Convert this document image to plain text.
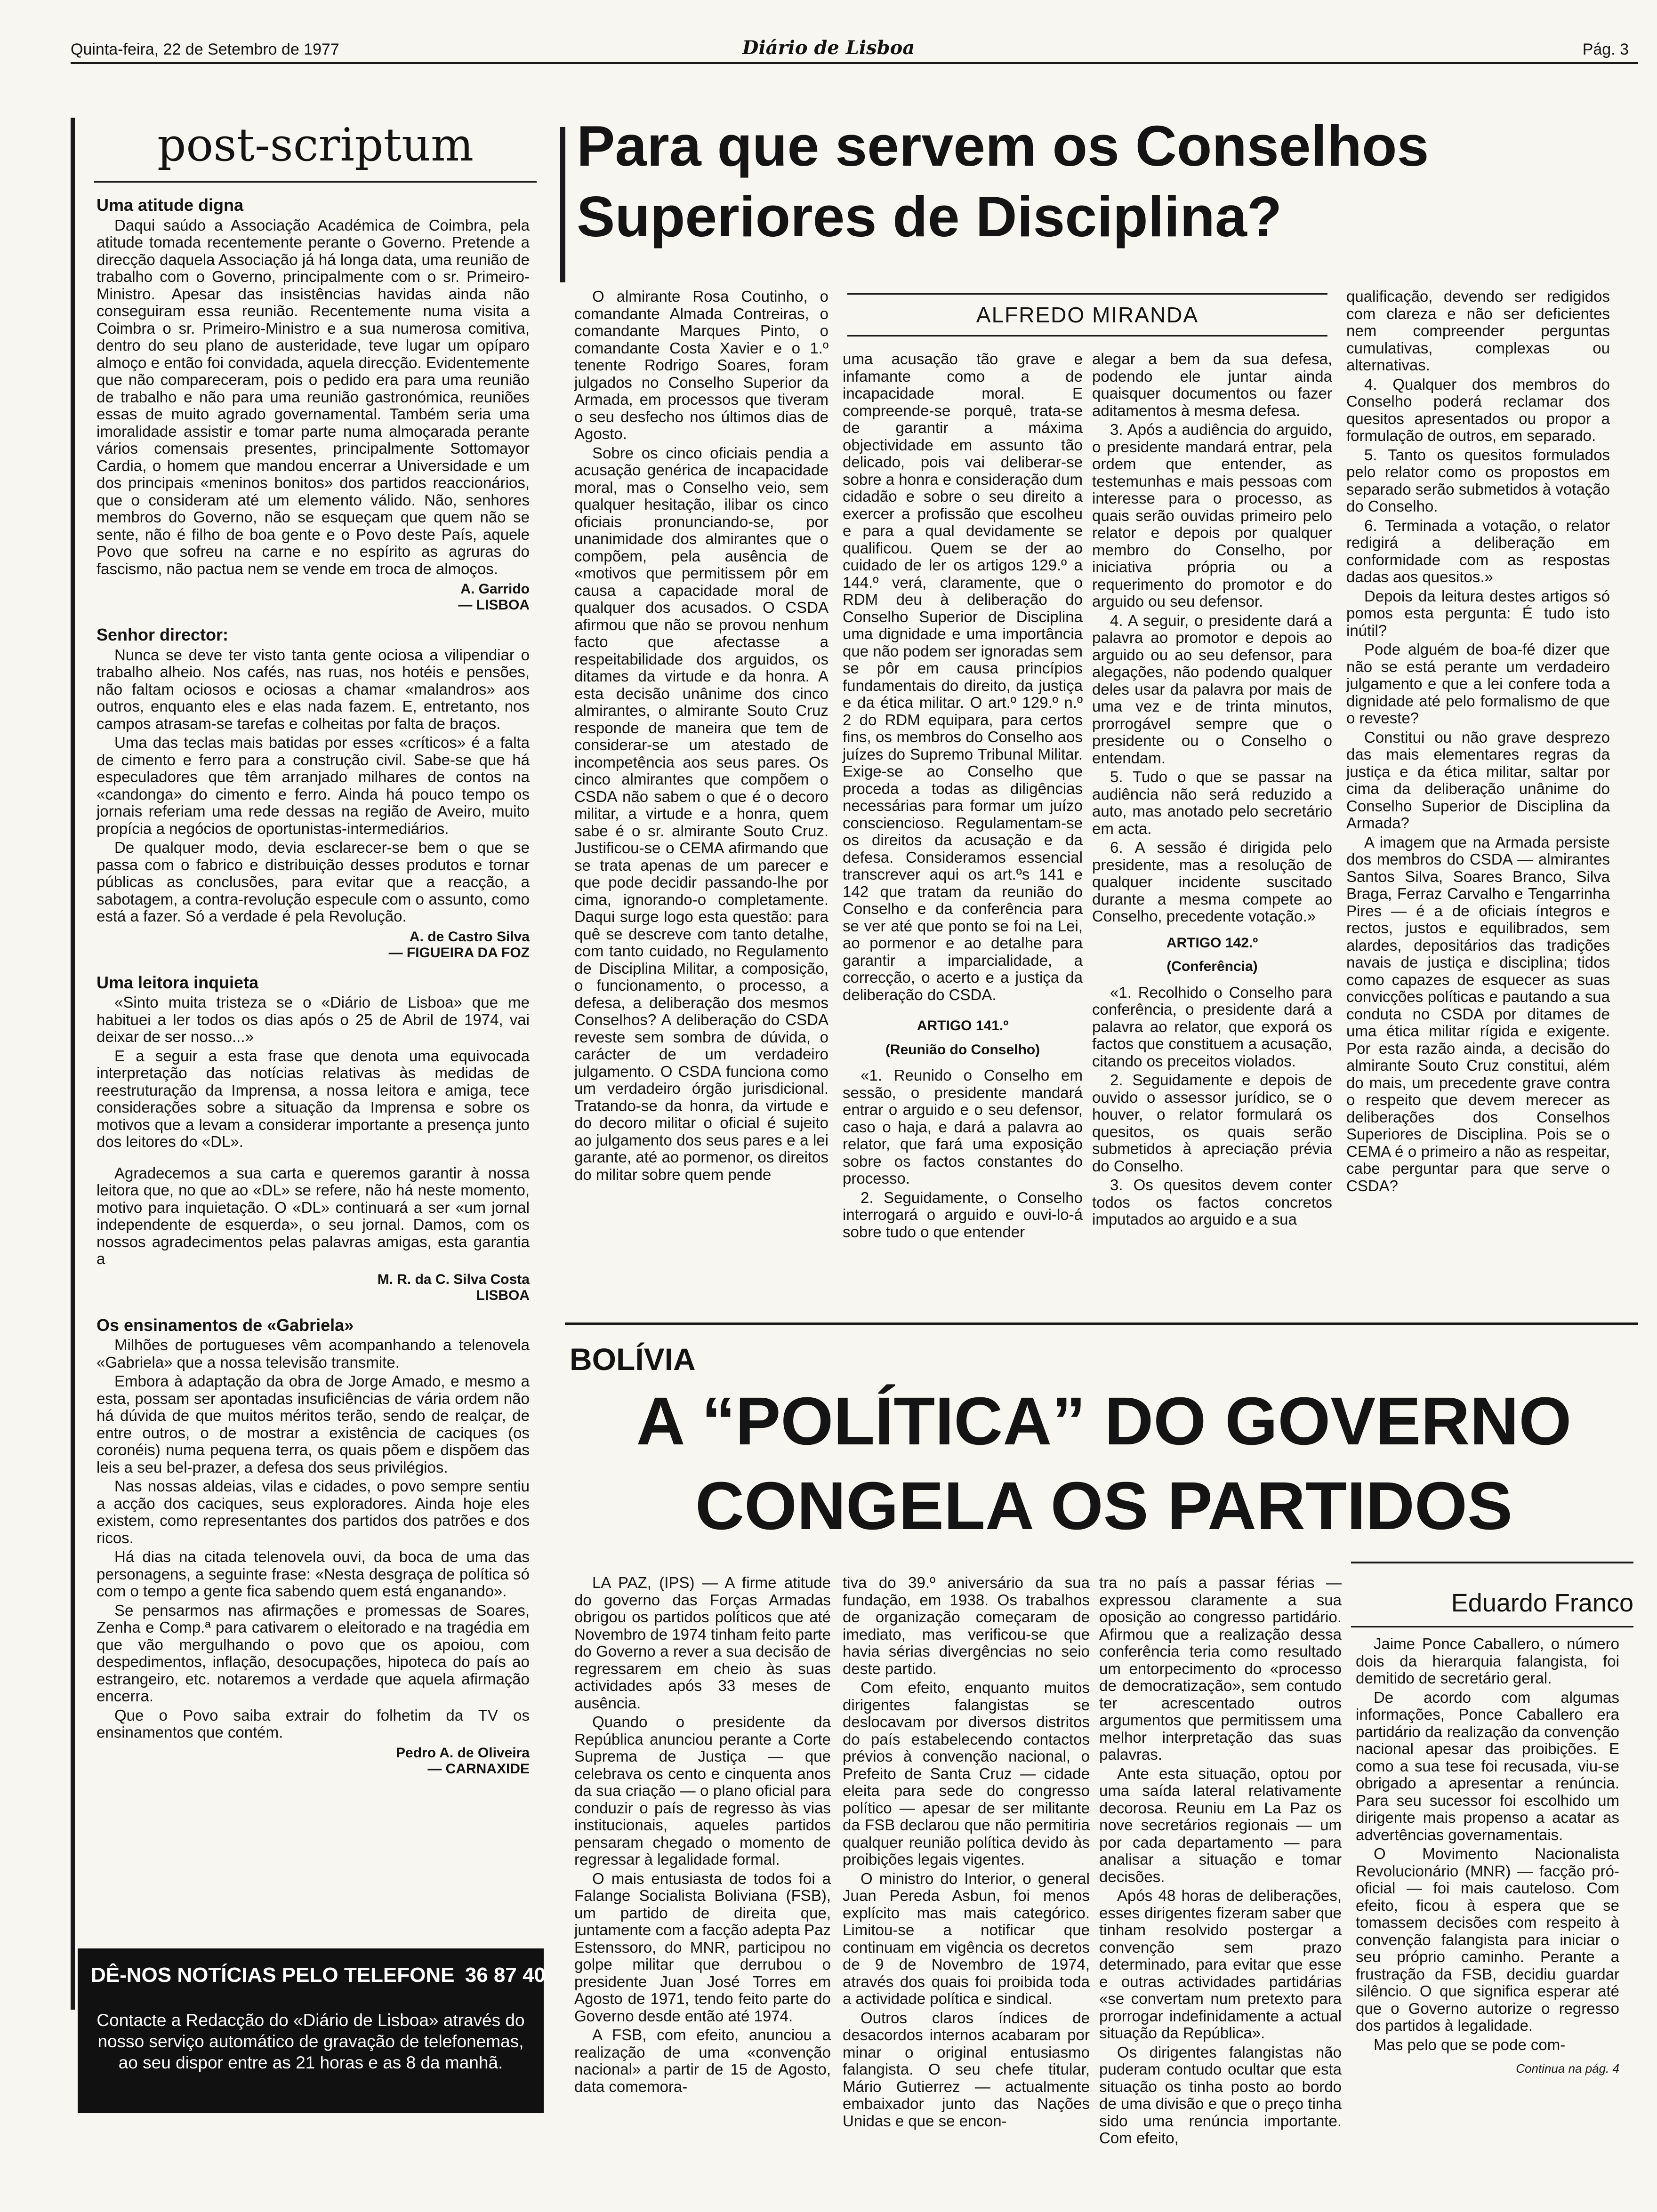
Quinta-feira, 22 de Setembro de 1977	Diário de Lisboa	Pág. 3
post-scriptum
Uma atitude digna

Daqui saúdo a Associação Académica de Coimbra, pela atitude tomada recentemente perante o Governo. Pretende a direcção daquela Associação já há longa data, uma reunião de trabalho com o Governo, principalmente com o sr. Primeiro-Ministro. Apesar das insistências havidas ainda não conseguiram essa reunião. Recentemente numa visita a Coimbra o sr. Primeiro-Ministro e a sua numerosa comitiva, dentro do seu plano de austeridade, teve lugar um opíparo almoço e então foi convidada, aquela direcção. Evidentemente que não compareceram, pois o pedido era para uma reunião de trabalho e não para uma reunião gastronómica, reuniões essas de muito agrado governamental. Também seria uma imoralidade assistir e tomar parte numa almoçarada perante vários comensais presentes, principalmente Sottomayor Cardia, o homem que mandou encerrar a Universidade e um dos principais «meninos bonitos» dos partidos reaccionários, que o consideram até um elemento válido. Não, senhores membros do Governo, não se esqueçam que quem não se sente, não é filho de boa gente e o Povo deste País, aquele Povo que sofreu na carne e no espírito as agruras do fascismo, não pactua nem se vende em troca de almoços.

A. Garrido
— LISBOA
Senhor director:

Nunca se deve ter visto tanta gente ociosa a vilipendiar o trabalho alheio. Nos cafés, nas ruas, nos hotéis e pensões, não faltam ociosos e ociosas a chamar «malandros» aos outros, enquanto eles e elas nada fazem. E, entretanto, nos campos atrasam-se tarefas e colheitas por falta de braços.

Uma das teclas mais batidas por esses «críticos» é a falta de cimento e ferro para a construção civil. Sabe-se que há especuladores que têm arranjado milhares de contos na «candonga» do cimento e ferro. Ainda há pouco tempo os jornais referiam uma rede dessas na região de Aveiro, muito propícia a negócios de oportunistas-intermediários.

De qualquer modo, devia esclarecer-se bem o que se passa com o fabrico e distribuição desses produtos e tornar públicas as conclusões, para evitar que a reacção, a sabotagem, a contra-revolução especule com o assunto, como está a fazer. Só a verdade é pela Revolução.

A. de Castro Silva
— FIGUEIRA DA FOZ
Uma leitora inquieta

«Sinto muita tristeza se o «Diário de Lisboa» que me habituei a ler todos os dias após o 25 de Abril de 1974, vai deixar de ser nosso...»

E a seguir a esta frase que denota uma equivocada interpretação das notícias relativas às medidas de reestruturação da Imprensa, a nossa leitora e amiga, tece considerações sobre a situação da Imprensa e sobre os motivos que a levam a considerar importante a presença junto dos leitores do «DL».

Agradecemos a sua carta e queremos garantir à nossa leitora que, no que ao «DL» se refere, não há neste momento, motivo para inquietação. O «DL» continuará a ser «um jornal independente de esquerda», o seu jornal. Damos, com os nossos agradecimentos pelas palavras amigas, esta garantia a

M. R. da C. Silva Costa
LISBOA
Os ensinamentos de «Gabriela»

Milhões de portugueses vêm acompanhando a telenovela «Gabriela» que a nossa televisão transmite.

Embora à adaptação da obra de Jorge Amado, e mesmo a esta, possam ser apontadas insuficiências de vária ordem não há dúvida de que muitos méritos terão, sendo de realçar, de entre outros, o de mostrar a existência de caciques (os coronéis) numa pequena terra, os quais põem e dispõem das leis a seu bel-prazer, a defesa dos seus privilégios.

Nas nossas aldeias, vilas e cidades, o povo sempre sentiu a acção dos caciques, seus exploradores. Ainda hoje eles existem, como representantes dos partidos dos patrões e dos ricos.

Há dias na citada telenovela ouvi, da boca de uma das personagens, a seguinte frase: «Nesta desgraça de política só com o tempo a gente fica sabendo quem está enganando».

Se pensarmos nas afirmações e promessas de Soares, Zenha e Comp.ª para cativarem o eleitorado e na tragédia em que vão mergulhando o povo que os apoiou, com despedimentos, inflação, desocupações, hipoteca do país ao estrangeiro, etc. notaremos a verdade que aquela afirmação encerra.

Que o Povo saiba extrair do folhetim da TV os ensinamentos que contém.

Pedro A. de Oliveira
— CARNAXIDE
DÊ-NOS NOTÍCIAS PELO TELEFONE 36 87 40
Contacte a Redacção do «Diário de Lisboa» através do nosso serviço automático de gravação de telefonemas, ao seu dispor entre as 21 horas e as 8 da manhã.
Para que servem os Conselhos
Superiores de Disciplina?
ALFREDO MIRANDA

O almirante Rosa Coutinho, o comandante Almada Contreiras, o comandante Marques Pinto, o comandante Costa Xavier e o 1.º tenente Rodrigo Soares, foram julgados no Conselho Superior da Armada, em processos que tiveram o seu desfecho nos últimos dias de Agosto.

Sobre os cinco oficiais pendia a acusação genérica de incapacidade moral, mas o Conselho veio, sem qualquer hesitação, ilibar os cinco oficiais pronunciando-se, por unanimidade dos almirantes que o compõem, pela ausência de «motivos que permitissem pôr em causa a capacidade moral de qualquer dos acusados. O CSDA afirmou que não se provou nenhum facto que afectasse a respeitabilidade dos arguidos, os ditames da virtude e da honra. A esta decisão unânime dos cinco almirantes, o almirante Souto Cruz responde de maneira que tem de considerar-se um atestado de incompetência aos seus pares. Os cinco almirantes que compõem o CSDA não sabem o que é o decoro militar, a virtude e a honra, quem sabe é o sr. almirante Souto Cruz. Justificou-se o CEMA afirmando que se trata apenas de um parecer e que pode decidir passando-lhe por cima, ignorando-o completamente. Daqui surge logo esta questão: para quê se descreve com tanto detalhe, com tanto cuidado, no Regulamento de Disciplina Militar, a composição, o funcionamento, o processo, a defesa, a deliberação dos mesmos Conselhos? A deliberação do CSDA reveste sem sombra de dúvida, o carácter de um verdadeiro julgamento. O CSDA funciona como um verdadeiro órgão jurisdicional. Tratando-se da honra, da virtude e do decoro militar o oficial é sujeito ao julgamento dos seus pares e a lei garante, até ao pormenor, os direitos do militar sobre quem pende

uma acusação tão grave e infamante como a de incapacidade moral. E compreende-se porquê, trata-se de garantir a máxima objectividade em assunto tão delicado, pois vai deliberar-se sobre a honra e consideração dum cidadão e sobre o seu direito a exercer a profissão que escolheu e para a qual devidamente se qualificou. Quem se der ao cuidado de ler os artigos 129.º a 144.º verá, claramente, que o RDM deu à deliberação do Conselho Superior de Disciplina uma dignidade e uma importância que não podem ser ignoradas sem se pôr em causa princípios fundamentais do direito, da justiça e da ética militar. O art.º 129.º n.º 2 do RDM equipara, para certos fins, os membros do Conselho aos juízes do Supremo Tribunal Militar. Exige-se ao Conselho que proceda a todas as diligências necessárias para formar um juízo consciencioso. Regulamentam-se os direitos da acusação e da defesa. Consideramos essencial transcrever aqui os art.ºs 141 e 142 que tratam da reunião do Conselho e da conferência para se ver até que ponto se foi na Lei, ao pormenor e ao detalhe para garantir a imparcialidade, a correcção, o acerto e a justiça da deliberação do CSDA.

ARTIGO 141.º
(Reunião do Conselho)

«1. Reunido o Conselho em sessão, o presidente mandará entrar o arguido e o seu defensor, caso o haja, e dará a palavra ao relator, que fará uma exposição sobre os factos constantes do processo.

2. Seguidamente, o Conselho interrogará o arguido e ouvi-lo-á sobre tudo o que entender

alegar a bem da sua defesa, podendo ele juntar ainda quaisquer documentos ou fazer aditamentos à mesma defesa.

3. Após a audiência do arguido, o presidente mandará entrar, pela ordem que entender, as testemunhas e mais pessoas com interesse para o processo, as quais serão ouvidas primeiro pelo relator e depois por qualquer membro do Conselho, por iniciativa própria ou a requerimento do promotor e do arguido ou seu defensor.

4. A seguir, o presidente dará a palavra ao promotor e depois ao arguido ou ao seu defensor, para alegações, não podendo qualquer deles usar da palavra por mais de uma vez e de trinta minutos, prorrogável sempre que o presidente ou o Conselho o entendam.

5. Tudo o que se passar na audiência não será reduzido a auto, mas anotado pelo secretário em acta.

6. A sessão é dirigida pelo presidente, mas a resolução de qualquer incidente suscitado durante a mesma compete ao Conselho, precedente votação.»

ARTIGO 142.º
(Conferência)

«1. Recolhido o Conselho para conferência, o presidente dará a palavra ao relator, que exporá os factos que constituem a acusação, citando os preceitos violados.

2. Seguidamente e depois de ouvido o assessor jurídico, se o houver, o relator formulará os quesitos, os quais serão submetidos à apreciação prévia do Conselho.

3. Os quesitos devem conter todos os factos concretos imputados ao arguido e a sua

qualificação, devendo ser redigidos com clareza e não ser deficientes nem compreender perguntas cumulativas, complexas ou alternativas.

4. Qualquer dos membros do Conselho poderá reclamar dos quesitos apresentados ou propor a formulação de outros, em separado.

5. Tanto os quesitos formulados pelo relator como os propostos em separado serão submetidos à votação do Conselho.

6. Terminada a votação, o relator redigirá a deliberação em conformidade com as respostas dadas aos quesitos.»

Depois da leitura destes artigos só pomos esta pergunta: É tudo isto inútil?

Pode alguém de boa-fé dizer que não se está perante um verdadeiro julgamento e que a lei confere toda a dignidade até pelo formalismo de que o reveste?

Constitui ou não grave desprezo das mais elementares regras da justiça e da ética militar, saltar por cima da deliberação unânime do Conselho Superior de Disciplina da Armada?

A imagem que na Armada persiste dos membros do CSDA — almirantes Santos Silva, Soares Branco, Silva Braga, Ferraz Carvalho e Tengarrinha Pires — é a de oficiais íntegros e rectos, justos e equilibrados, sem alardes, depositários das tradições navais de justiça e disciplina; tidos como capazes de esquecer as suas convicções políticas e pautando a sua conduta no CSDA por ditames de uma ética militar rígida e exigente. Por esta razão ainda, a decisão do almirante Souto Cruz constitui, além do mais, um precedente grave contra o respeito que devem merecer as deliberações dos Conselhos Superiores de Disciplina. Pois se o CEMA é o primeiro a não as respeitar, cabe perguntar para que serve o CSDA?

BOLÍVIA
A “POLÍTICA” DO GOVERNO
CONGELA OS PARTIDOS
Eduardo Franco

LA PAZ, (IPS) — A firme atitude do governo das Forças Armadas obrigou os partidos políticos que até Novembro de 1974 tinham feito parte do Governo a rever a sua decisão de regressarem em cheio às suas actividades após 33 meses de ausência.

Quando o presidente da República anunciou perante a Corte Suprema de Justiça — que celebrava os cento e cinquenta anos da sua criação — o plano oficial para conduzir o país de regresso às vias institucionais, aqueles partidos pensaram chegado o momento de regressar à legalidade formal.

O mais entusiasta de todos foi a Falange Socialista Boliviana (FSB), um partido de direita que, juntamente com a facção adepta Paz Estenssoro, do MNR, participou no golpe militar que derrubou o presidente Juan José Torres em Agosto de 1971, tendo feito parte do Governo desde então até 1974.

A FSB, com efeito, anunciou a realização de uma «convenção nacional» a partir de 15 de Agosto, data comemora-

tiva do 39.º aniversário da sua fundação, em 1938. Os trabalhos de organização começaram de imediato, mas verificou-se que havia sérias divergências no seio deste partido.

Com efeito, enquanto muitos dirigentes falangistas se deslocavam por diversos distritos do país estabelecendo contactos prévios à convenção nacional, o Prefeito de Santa Cruz — cidade eleita para sede do congresso político — apesar de ser militante da FSB declarou que não permitiria qualquer reunião política devido às proibições legais vigentes.

O ministro do Interior, o general Juan Pereda Asbun, foi menos explícito mas mais categórico. Limitou-se a notificar que continuam em vigência os decretos de 9 de Novembro de 1974, através dos quais foi proibida toda a actividade política e sindical.

Outros claros índices de desacordos internos acabaram por minar o original entusiasmo falangista. O seu chefe titular, Mário Gutierrez — actualmente embaixador junto das Nações Unidas e que se encon-

tra no país a passar férias — expressou claramente a sua oposição ao congresso partidário. Afirmou que a realização dessa conferência teria como resultado um entorpecimento do «processo de democratização», sem contudo ter acrescentado outros argumentos que permitissem uma melhor interpretação das suas palavras.

Ante esta situação, optou por uma saída lateral relativamente decorosa. Reuniu em La Paz os nove secretários regionais — um por cada departamento — para analisar a situação e tomar decisões.

Após 48 horas de deliberações, esses dirigentes fizeram saber que tinham resolvido postergar a convenção sem prazo determinado, para evitar que esse e outras actividades partidárias «se convertam num pretexto para prorrogar indefinidamente a actual situação da República».

Os dirigentes falangistas não puderam contudo ocultar que esta situação os tinha posto ao bordo de uma divisão e que o preço tinha sido uma renúncia importante. Com efeito,

Jaime Ponce Caballero, o número dois da hierarquia falangista, foi demitido de secretário geral.

De acordo com algumas informações, Ponce Caballero era partidário da realização da convenção nacional apesar das proibições. E como a sua tese foi recusada, viu-se obrigado a apresentar a renúncia. Para seu sucessor foi escolhido um dirigente mais propenso a acatar as advertências governamentais.

O Movimento Nacionalista Revolucionário (MNR) — facção pró-oficial — foi mais cauteloso. Com efeito, ficou à espera que se tomassem decisões com respeito à convenção falangista para iniciar o seu próprio caminho. Perante a frustração da FSB, decidiu guardar silêncio. O que significa esperar até que o Governo autorize o regresso dos partidos à legalidade.

Mas pelo que se pode com-

Continua na pág. 4
